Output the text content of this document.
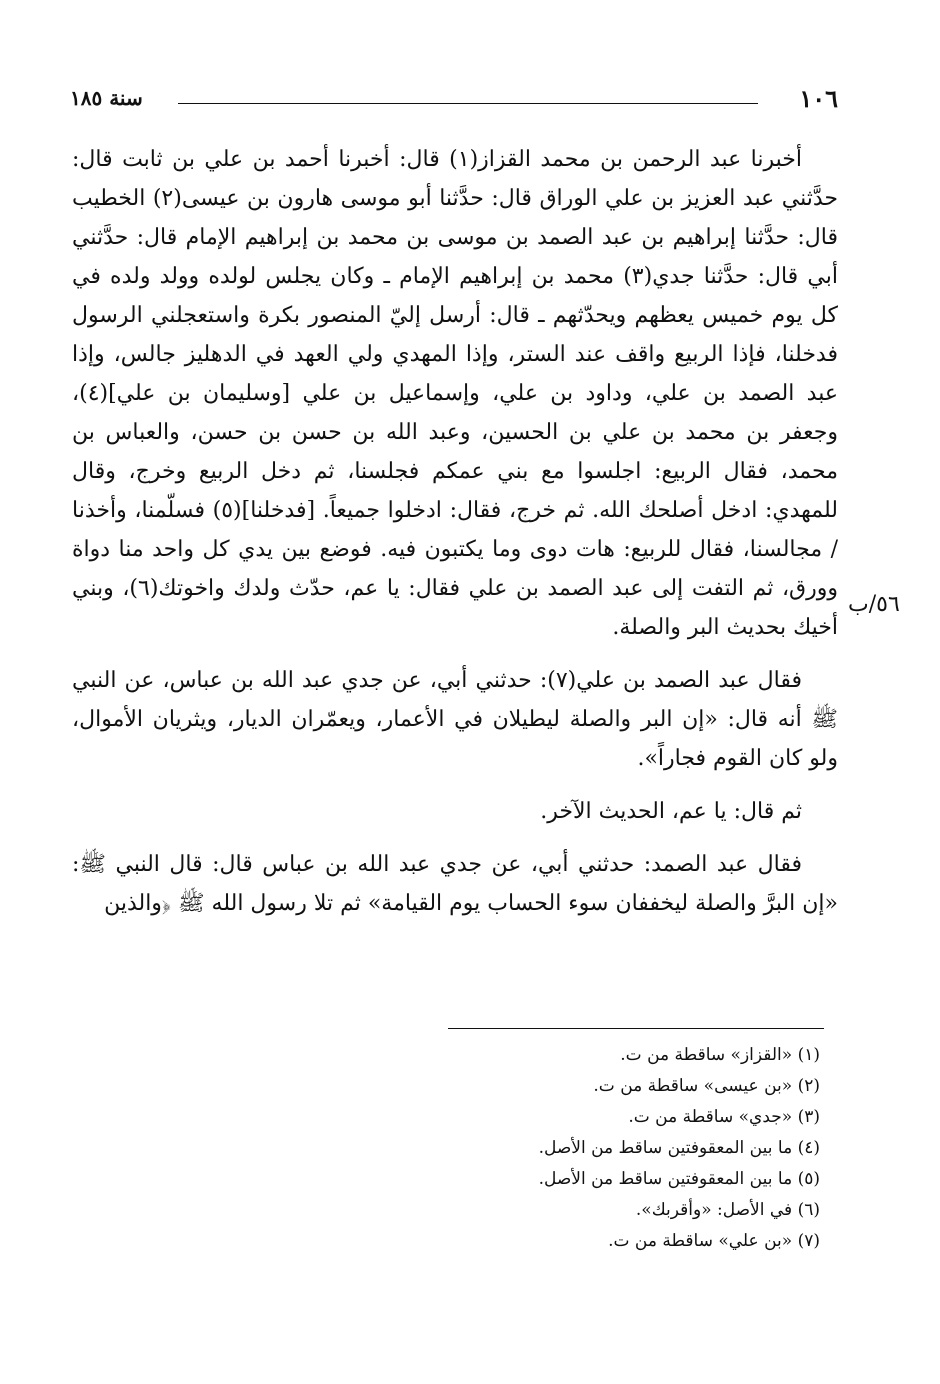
١٠٦
سنة ١٨٥
٥٦/ب

أخبرنا عبد الرحمن بن محمد القزاز(١) قال: أخبرنا أحمد بن علي بن ثابت قال: حدَّثني عبد العزيز بن علي الوراق قال: حدَّثنا أبو موسى هارون بن عيسى(٢) الخطيب قال: حدَّثنا إبراهيم بن عبد الصمد بن موسى بن محمد بن إبراهيم الإمام قال: حدَّثني أبي قال: حدَّثنا جدي(٣) محمد بن إبراهيم الإمام ـ وكان يجلس لولده وولد ولده في كل يوم خميس يعظهم ويحدّثهم ـ قال: أرسل إليّ المنصور بكرة واستعجلني الرسول فدخلنا، فإذا الربيع واقف عند الستر، وإذا المهدي ولي العهد في الدهليز جالس، وإذا عبد الصمد بن علي، وداود بن علي، وإسماعيل بن علي [وسليمان بن علي](٤)، وجعفر بن محمد بن علي بن الحسين، وعبد الله بن حسن بن حسن، والعباس بن محمد، فقال الربيع: اجلسوا مع بني عمكم فجلسنا، ثم دخل الربيع وخرج، وقال للمهدي: ادخل أصلحك الله. ثم خرج، فقال: ادخلوا جميعاً. [فدخلنا](٥) فسلّمنا، وأخذنا / مجالسنا، فقال للربيع: هات دوى وما يكتبون فيه. فوضع بين يدي كل واحد منا دواة وورق، ثم التفت إلى عبد الصمد بن علي فقال: يا عم، حدّث ولدك واخوتك(٦)، وبني أخيك بحديث البر والصلة.

فقال عبد الصمد بن علي(٧): حدثني أبي، عن جدي عبد الله بن عباس، عن النبي ﷺ أنه قال: «إن البر والصلة ليطيلان في الأعمار، ويعمّران الديار، ويثريان الأموال، ولو كان القوم فجاراً».

ثم قال: يا عم، الحديث الآخر.

فقال عبد الصمد: حدثني أبي، عن جدي عبد الله بن عباس قال: قال النبي ﷺ: «إن البرَّ والصلة ليخففان سوء الحساب يوم القيامة» ثم تلا رسول الله ﷺ ﴿والذين

(١) «القزاز» ساقطة من ت.

(٢) «بن عيسى» ساقطة من ت.

(٣) «جدي» ساقطة من ت.

(٤) ما بين المعقوفتين ساقط من الأصل.

(٥) ما بين المعقوفتين ساقط من الأصل.

(٦) في الأصل: «وأقربك».

(٧) «بن علي» ساقطة من ت.
